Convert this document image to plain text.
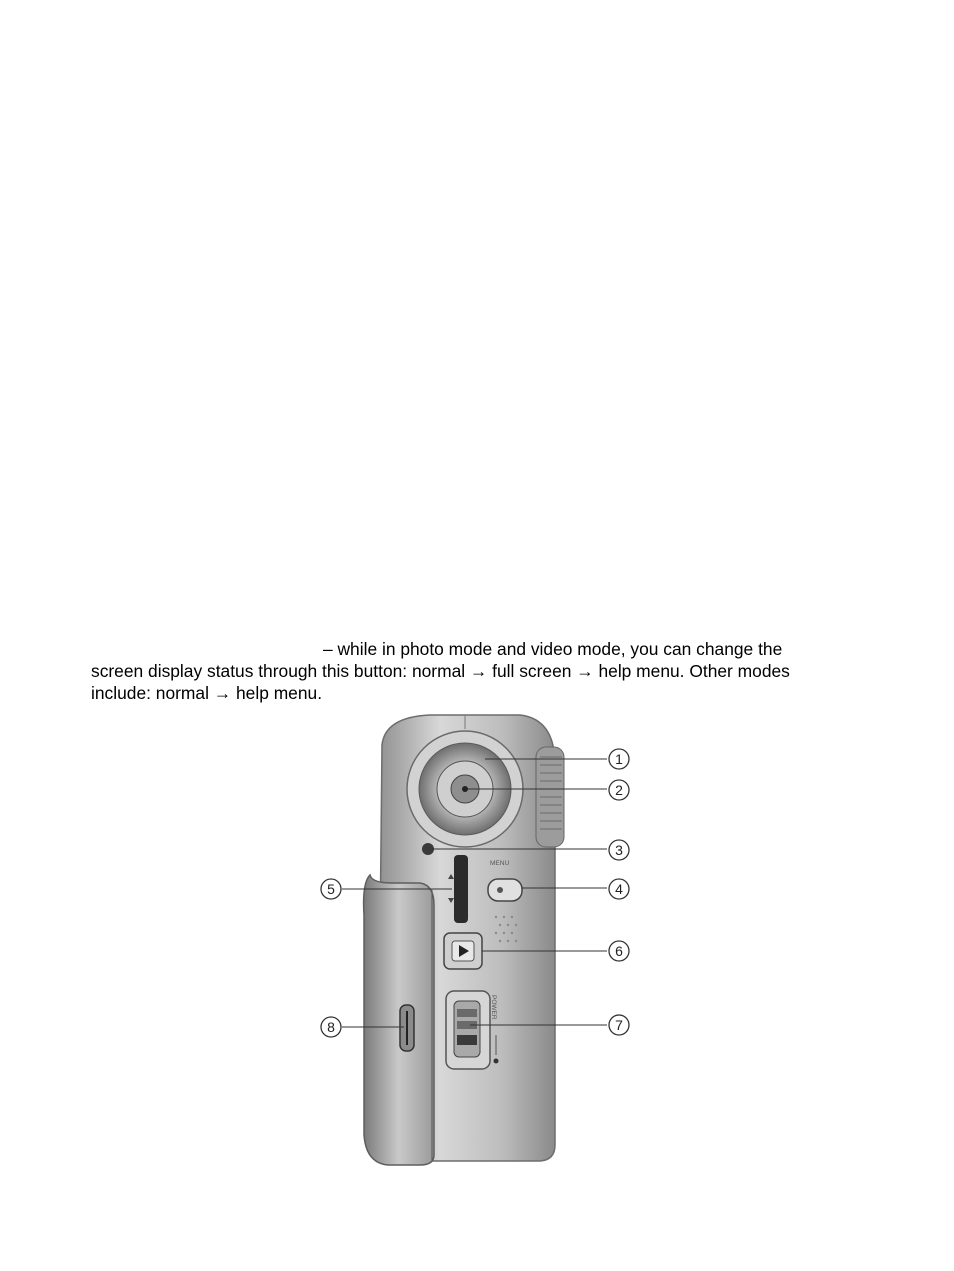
– while in photo mode and video mode, you can change the
screen display status through this button: normal → full screen → help menu. Other modes
include: normal → help menu.

MENU
POWER
1
2
3
4
5
6
7
8
